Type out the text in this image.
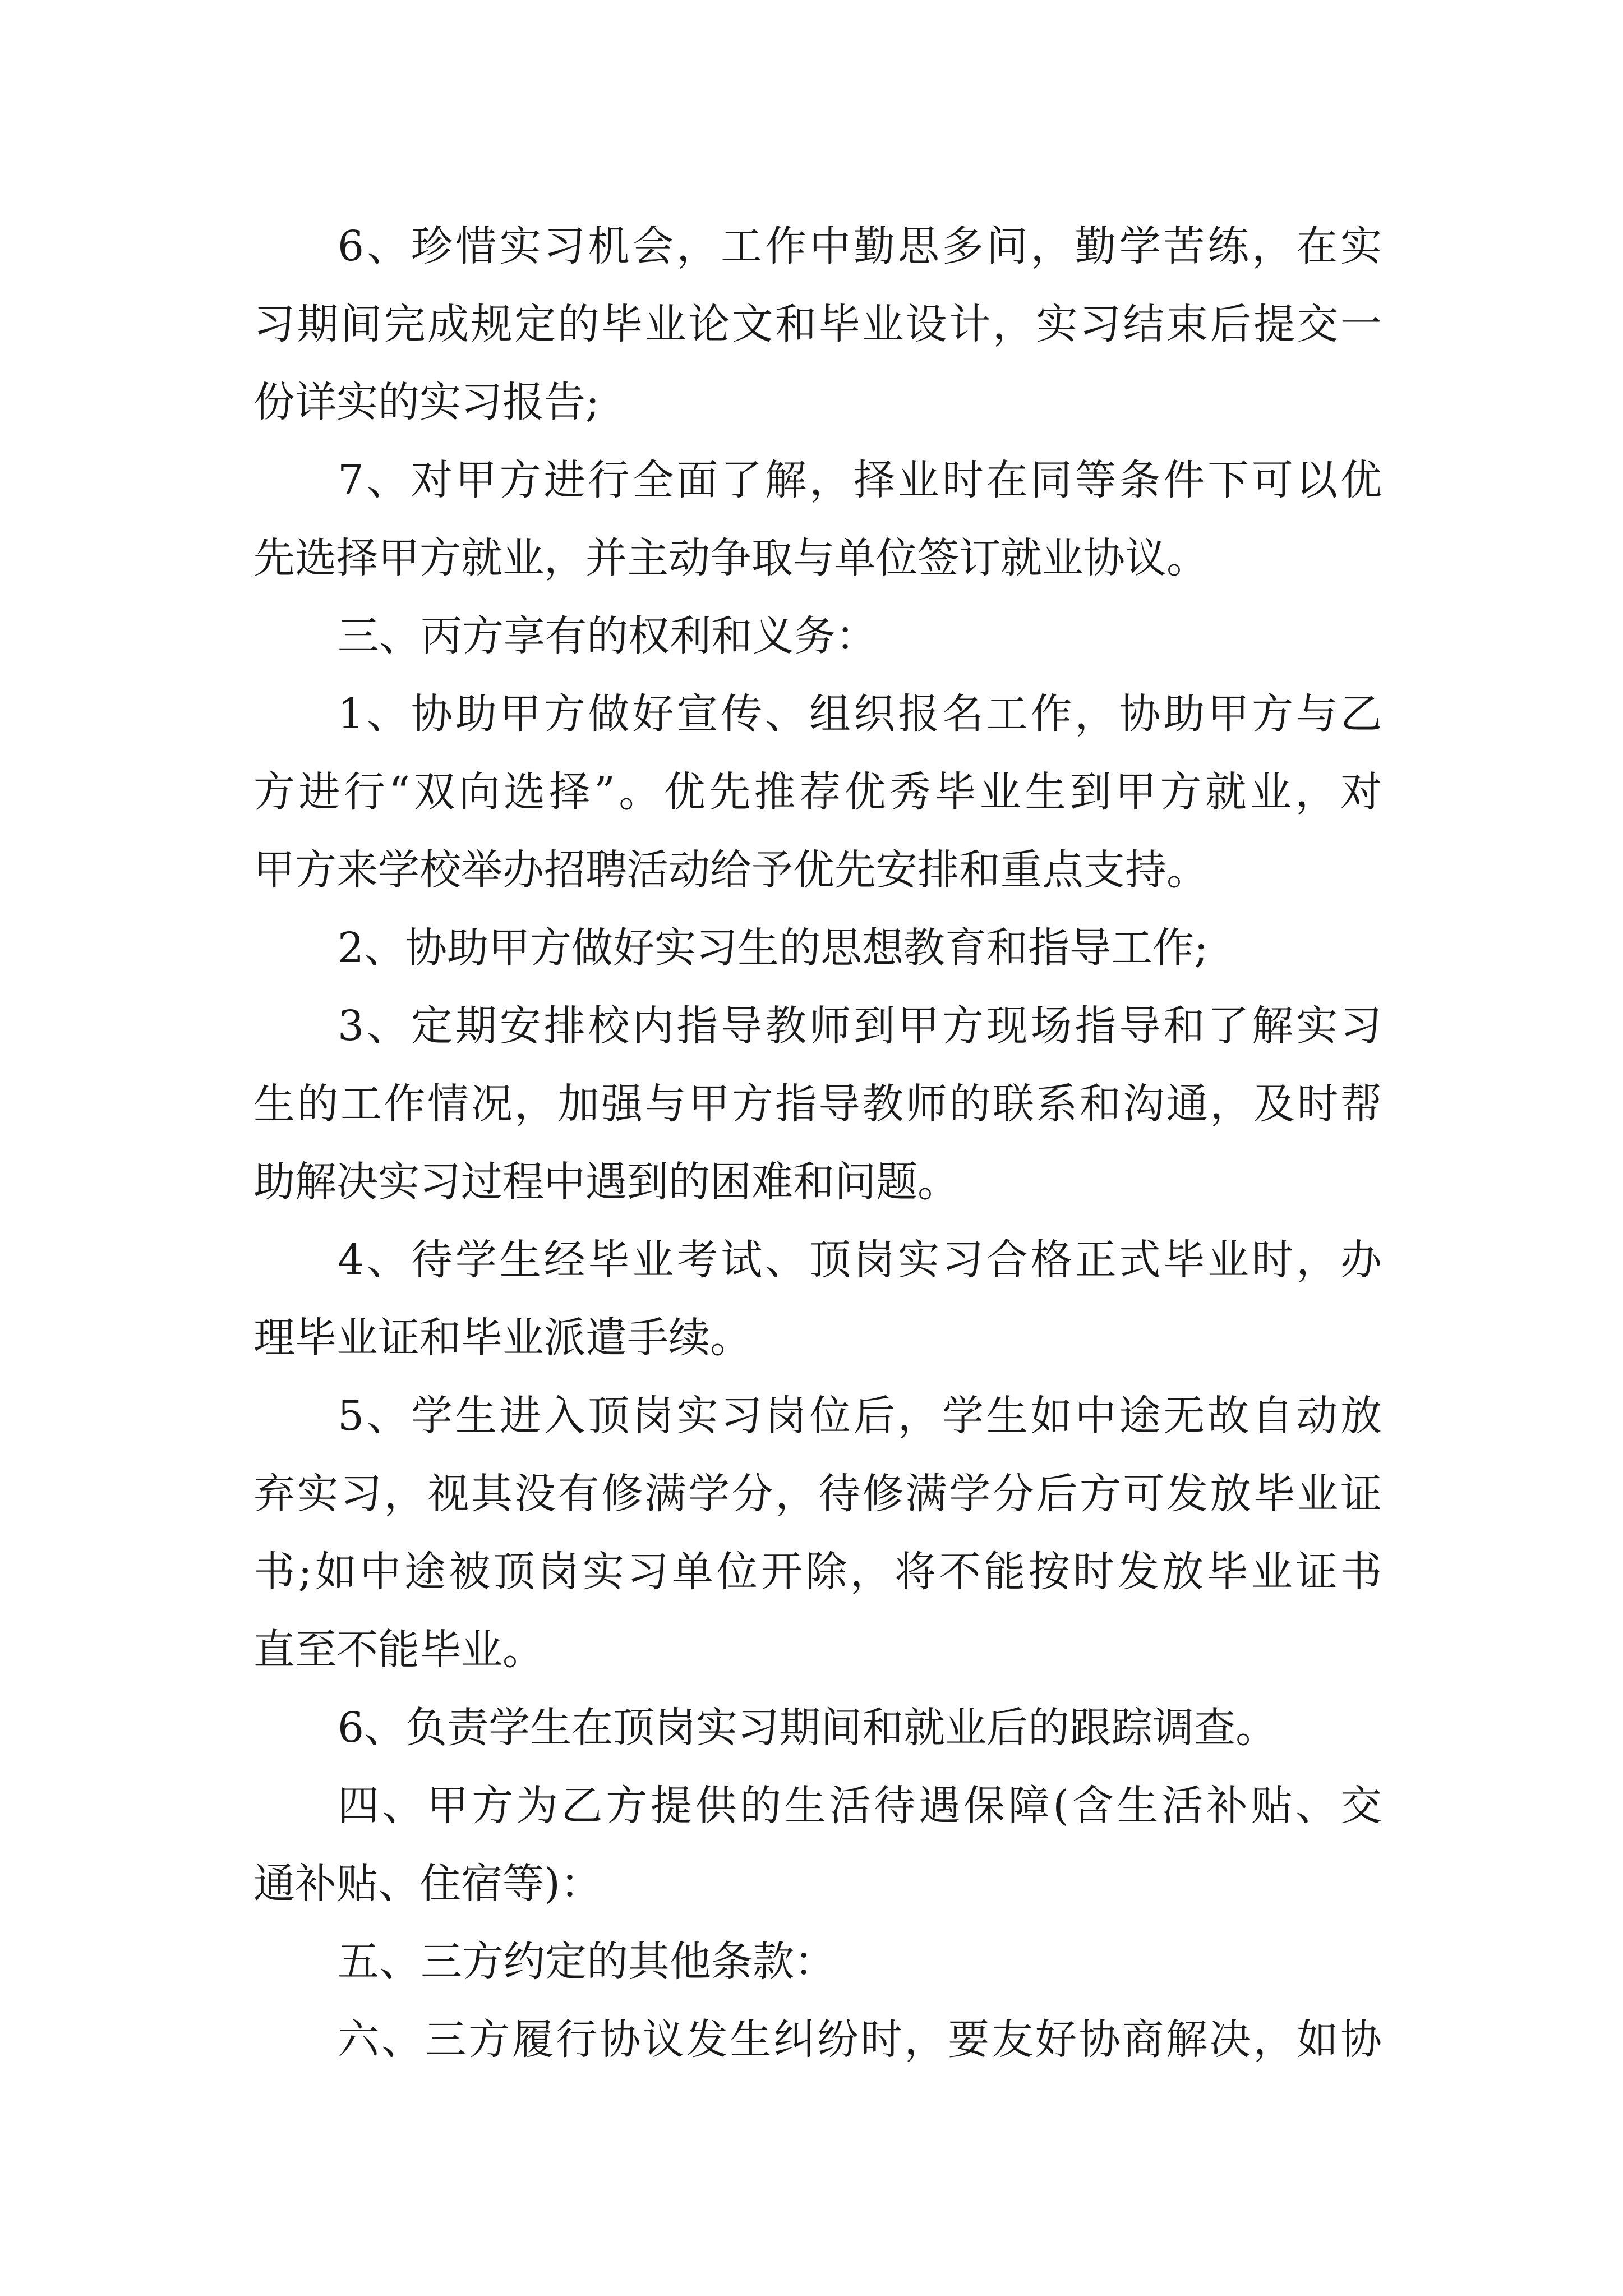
6、珍惜实习机会，工作中勤思多问，勤学苦练，在实
习期间完成规定的毕业论文和毕业设计，实习结束后提交一
份详实的实习报告;
7、对甲方进行全面了解，择业时在同等条件下可以优
先选择甲方就业，并主动争取与单位签订就业协议。
三、丙方享有的权利和义务：
1、协助甲方做好宣传、组织报名工作，协助甲方与乙
方进行“双向选择”。优先推荐优秀毕业生到甲方就业，对
甲方来学校举办招聘活动给予优先安排和重点支持。
2、协助甲方做好实习生的思想教育和指导工作;
3、定期安排校内指导教师到甲方现场指导和了解实习
生的工作情况，加强与甲方指导教师的联系和沟通，及时帮
助解决实习过程中遇到的困难和问题。
4、待学生经毕业考试、顶岗实习合格正式毕业时，办
理毕业证和毕业派遣手续。
5、学生进入顶岗实习岗位后，学生如中途无故自动放
弃实习，视其没有修满学分，待修满学分后方可发放毕业证
书;如中途被顶岗实习单位开除，将不能按时发放毕业证书
直至不能毕业。
6、负责学生在顶岗实习期间和就业后的跟踪调查。
四、甲方为乙方提供的生活待遇保障(含生活补贴、交
通补贴、住宿等)：
五、三方约定的其他条款：
六、三方履行协议发生纠纷时，要友好协商解决，如协
